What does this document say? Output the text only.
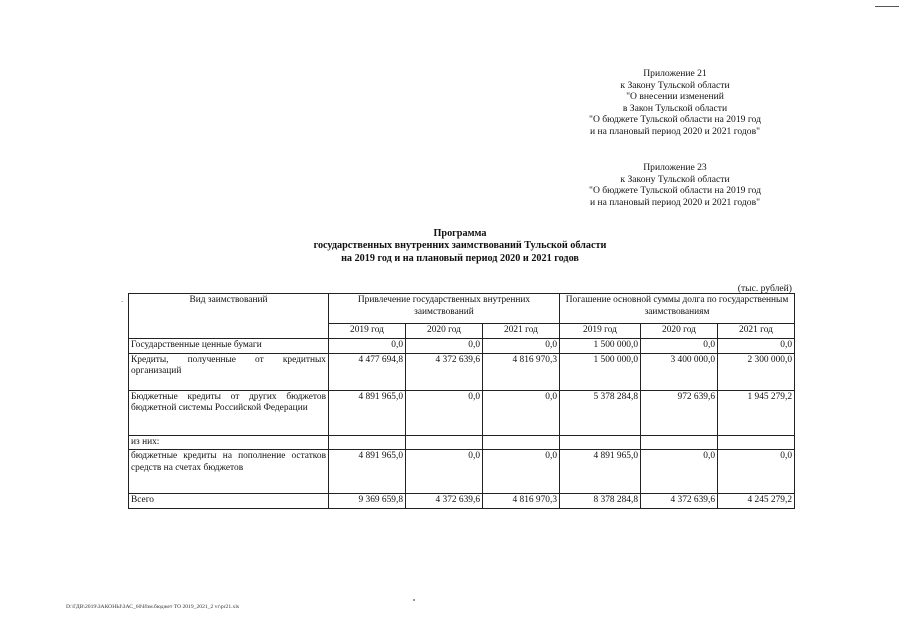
Приложение 21
к Закону Тульской области
"О внесении изменений
в Закон Тульской области
"О бюджете Тульской области на 2019 год
и на плановый период 2020 и 2021 годов"
Приложение 23
к Закону Тульской области
"О бюджете Тульской области на 2019 год
и на плановый период 2020 и 2021 годов"
Программа
государственных внутренних заимствований Тульской области
на 2019 год и на плановый период 2020 и 2021 годов
(тыс. рублей)
`	Вид заимствований	Привлечение государственных внутренних заимствований			Погашение основной суммы долга по государственным заимствованиям		
	2019 год	2020 год	2021 год	2019 год	2020 год	2021 год
Государственные ценные бумаги	0,0	0,0	0,0	1 500 000,0	0,0	0,0
Кредиты, полученные от кредитных организаций	4 477 694,8	4 372 639,6	4 816 970,3	1 500 000,0	3 400 000,0	2 300 000,0
Бюджетные кредиты от других бюджетов бюджетной системы Российской Федерации	4 891 965,0	0,0	0,0	5 378 284,8	972 639,6	1 945 279,2
из них:						
бюджетные кредиты на пополнение остатков средств на счетах бюджетов	4 891 965,0	0,0	0,0	4 891 965,0	0,0	0,0
Всего	9 369 659,8	4 372 639,6	4 816 970,3	8 378 284,8	4 372 639,6	4 245 279,2
D:\ГДВ\2019\ЗАКОНЫ\ЗАС_60\Изм.бюджет ТО 2019_2021_2 vr\pr21.xls
